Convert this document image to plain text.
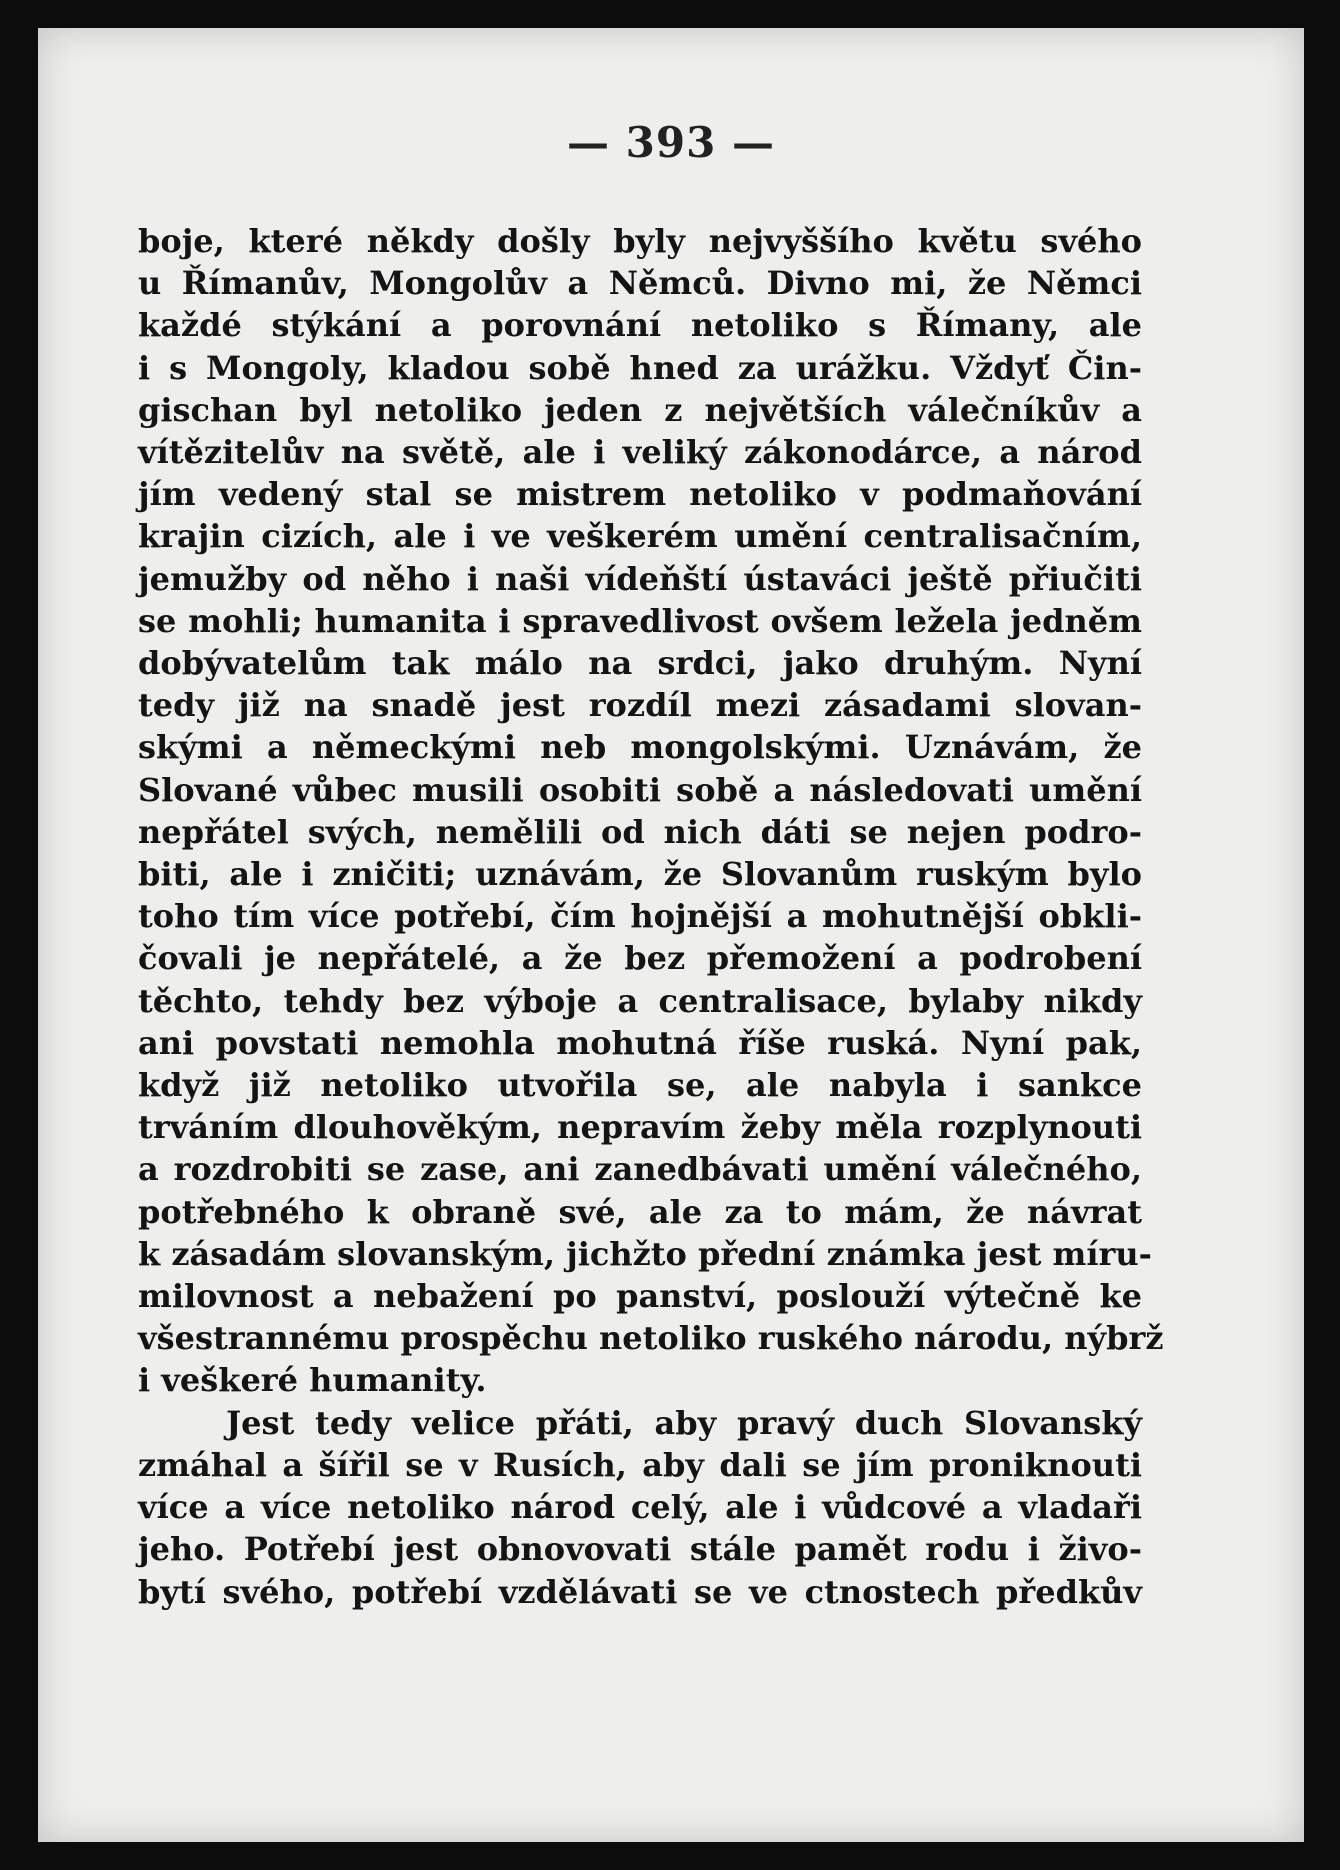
— 393 —
boje, které někdy došly byly nejvyššího květu svého
u Římanův, Mongolův a Němců. Divno mi, že Němci
každé stýkání a porovnání netoliko s Římany, ale
i s Mongoly, kladou sobě hned za urážku. Vždyť Čin-
gischan byl netoliko jeden z největších válečníkův a
vítězitelův na světě, ale i veliký zákonodárce, a národ
jím vedený stal se mistrem netoliko v podmaňování
krajin cizích, ale i ve veškerém umění centralisačním,
jemužby od něho i naši vídeňští ústaváci ještě přiučiti
se mohli; humanita i spravedlivost ovšem ležela jedněm
dobývatelům tak málo na srdci, jako druhým. Nyní
tedy již na snadě jest rozdíl mezi zásadami slovan-
skými a německými neb mongolskými. Uznávám, že
Slované vůbec musili osobiti sobě a následovati umění
nepřátel svých, nemělili od nich dáti se nejen podro-
biti, ale i zničiti; uznávám, že Slovanům ruským bylo
toho tím více potřebí, čím hojnější a mohutnější obkli-
čovali je nepřátelé, a že bez přemožení a podrobení
těchto, tehdy bez výboje a centralisace, bylaby nikdy
ani povstati nemohla mohutná říše ruská. Nyní pak,
když již netoliko utvořila se, ale nabyla i sankce
trváním dlouhověkým, nepravím žeby měla rozplynouti
a rozdrobiti se zase, ani zanedbávati umění válečného,
potřebného k obraně své, ale za to mám, že návrat
k zásadám slovanským, jichžto přední známka jest míru-
milovnost a nebažení po panství, poslouží výtečně ke
všestrannému prospěchu netoliko ruského národu, nýbrž
i veškeré humanity.
Jest tedy velice přáti, aby pravý duch Slovanský
zmáhal a šířil se v Rusích, aby dali se jím proniknouti
více a více netoliko národ celý, ale i vůdcové a vladaři
jeho. Potřebí jest obnovovati stále pamět rodu i živo-
bytí svého, potřebí vzdělávati se ve ctnostech předkův
